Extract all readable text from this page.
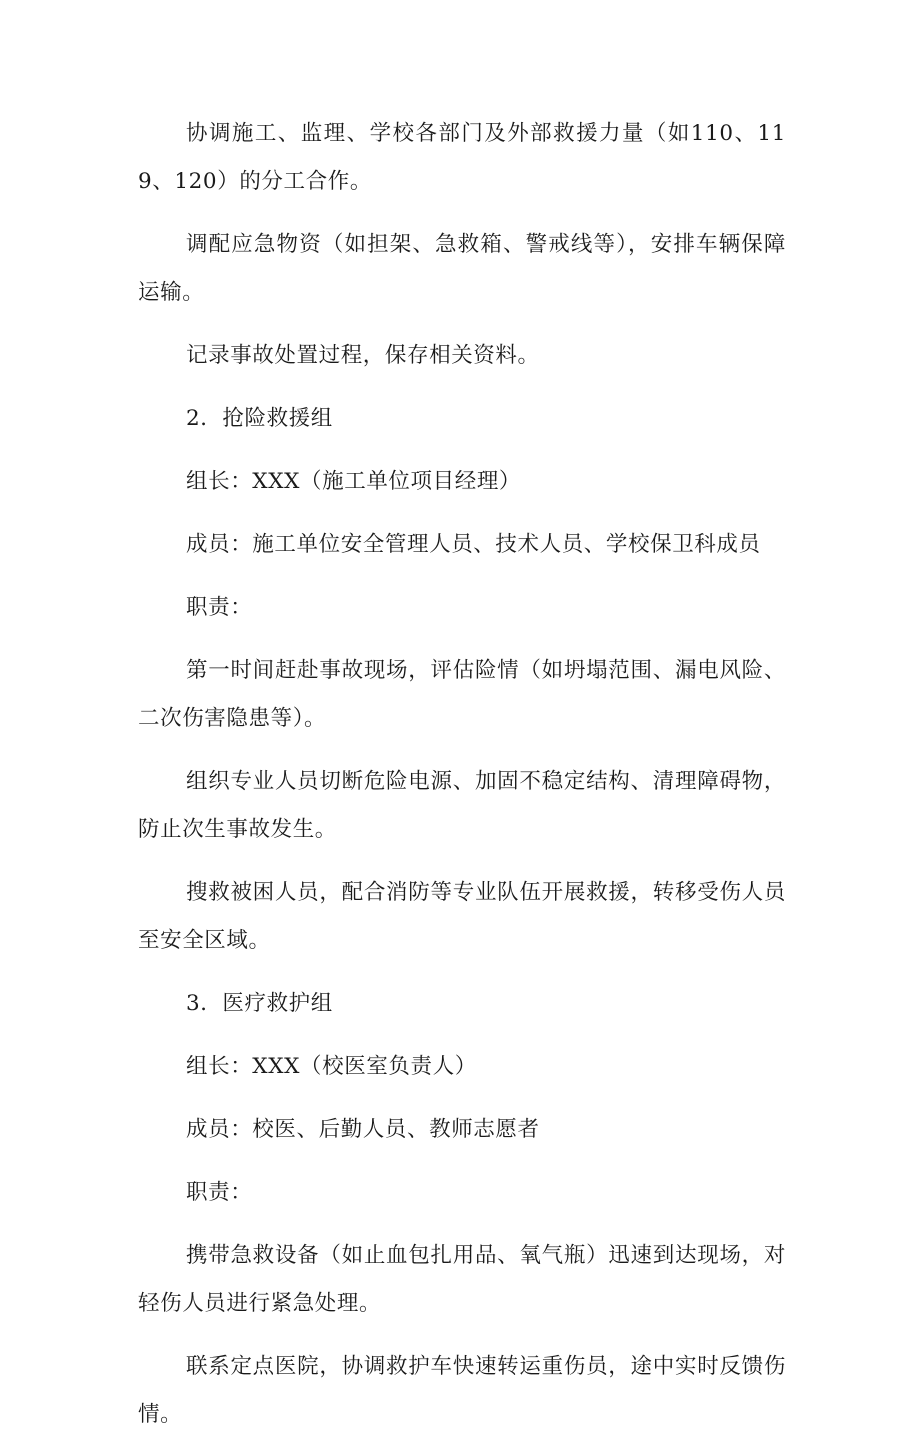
协调施工、监理、学校各部门及外部救援力量（如110、119、120）的分工合作。

调配应急物资（如担架、急救箱、警戒线等），安排车辆保障运输。

记录事故处置过程，保存相关资料。

2．抢险救援组

组长：XXX（施工单位项目经理）

成员：施工单位安全管理人员、技术人员、学校保卫科成员

职责：

第一时间赶赴事故现场，评估险情（如坍塌范围、漏电风险、二次伤害隐患等）。

组织专业人员切断危险电源、加固不稳定结构、清理障碍物，防止次生事故发生。

搜救被困人员，配合消防等专业队伍开展救援，转移受伤人员至安全区域。

3．医疗救护组

组长：XXX（校医室负责人）

成员：校医、后勤人员、教师志愿者

职责：

携带急救设备（如止血包扎用品、氧气瓶）迅速到达现场，对轻伤人员进行紧急处理。

联系定点医院，协调救护车快速转运重伤员，途中实时反馈伤情。
